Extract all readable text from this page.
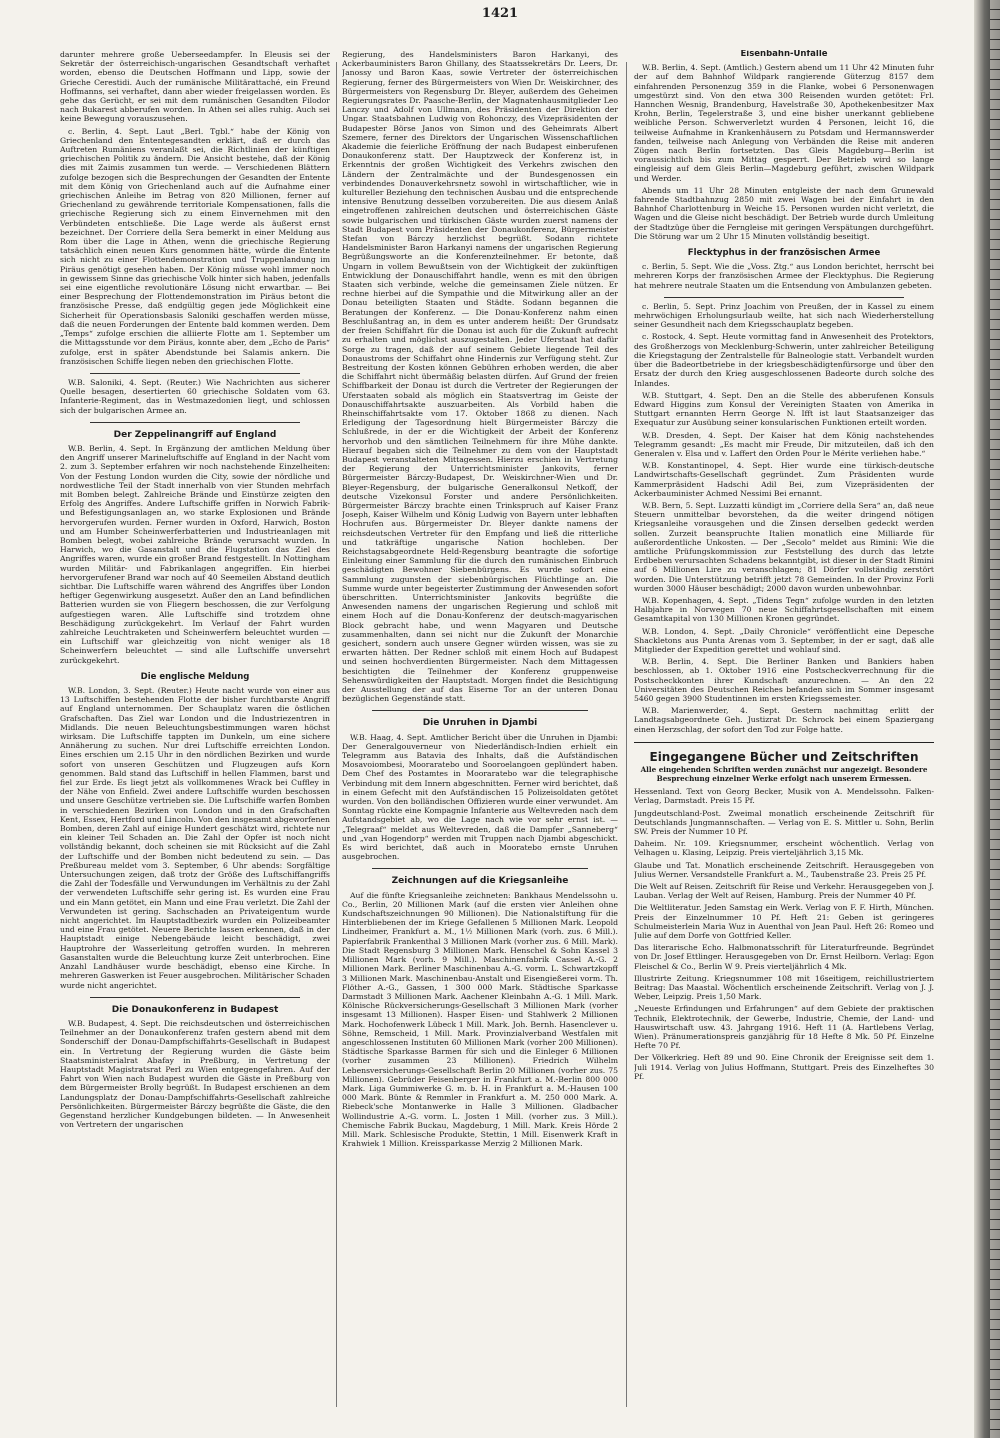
1421

darunter mehrere große Ueberseedampfer. In Eleusis sei der Sekretär der österreichisch-ungarischen Gesandtschaft verhaftet worden, ebenso die Deutschen Hoffmann und Lipp, sowie der Grieche Cerestidi. Auch der rumänische Militärattaché, ein Freund Hoffmanns, sei verhaftet, dann aber wieder freigelassen worden. Es gehe das Gerücht, er sei mit dem rumänischen Gesandten Filodor nach Bukarest abberufen worden. In Athen sei alles ruhig. Auch sei keine Bewegung vorauszusehen.

c. Berlin, 4. Sept. Laut „Berl. Tgbl.“ habe der König von Griechenland den Ententegesandten erklärt, daß er durch das Auftreten Rumäniens veranlaßt sei, die Richtlinien der künftigen griechischen Politik zu ändern. Die Ansicht bestehe, daß der König dies mit Zaimis zusammen tun werde. — Verschiedenen Blättern zufolge bezogen sich die Besprechungen der Gesandten der Entente mit dem König von Griechenland auch auf die Aufnahme einer griechischen Anleihe im Betrag von 820 Millionen, ferner auf Griechenland zu gewährende territoriale Kompensationen, falls die griechische Regierung sich zu einem Einvernehmen mit den Verbündeten entschließe. Die Lage werde als äußerst ernst bezeichnet. Der Corriere della Sera bemerkt in einer Meldung aus Rom über die Lage in Athen, wenn die griechische Regierung tatsächlich einen neuen Kurs genommen hätte, würde die Entente sich nicht zu einer Flottendemonstration und Truppenlandung im Piräus genötigt gesehen haben. Der König müsse wohl immer noch in gewissem Sinne das griechische Volk hinter sich haben, jedenfalls sei eine eigentliche revolutionäre Lösung nicht erwartbar. — Bei einer Besprechung der Flottendemonstration im Piräus betont die französische Presse, daß endgültig gegen jede Möglichkeit eine Sicherheit für Operationsbasis Saloniki geschaffen werden müsse, daß die neuen Forderungen der Entente bald kommen werden. Dem „Temps“ zufolge erschien die alliierte Flotte am 1. September um die Mittagsstunde vor dem Piräus, konnte aber, dem „Echo de Paris“ zufolge, erst in später Abendstunde bei Salamis ankern. Die französischen Schiffe liegen neben den griechischen Flotte.

W.B. Saloniki, 4. Sept. (Reuter.) Wie Nachrichten aus sicherer Quelle besagen, desertierten 60 griechische Soldaten vom 63. Infanterie-Regiment, das in Westmazedonien liegt, und schlossen sich der bulgarischen Armee an.

Der Zeppelinangriff auf England

W.B. Berlin, 4. Sept. In Ergänzung der amtlichen Meldung über den Angriff unserer Marineluftschiffe auf England in der Nacht vom 2. zum 3. September erfahren wir noch nachstehende Einzelheiten: Von der Festung London wurden die City, sowie der nördliche und nordwestliche Teil der Stadt innerhalb von vier Stunden mehrfach mit Bomben belegt. Zahlreiche Brände und Einstürze zeigten den Erfolg des Angriffes. Andere Luftschiffe griffen in Norwich Fabrik- und Befestigungsanlagen an, wo starke Explosionen und Brände hervorgerufen wurden. Ferner wurden in Oxford, Harwich, Boston und am Humber Scheinwerferbatterien und Industrieanlagen mit Bomben belegt, wobei zahlreiche Brände verursacht wurden. In Harwich, wo die Gasanstalt und die Flugstation das Ziel des Angriffes waren, wurde ein großer Brand festgestellt. In Nottingham wurden Militär- und Fabrikanlagen angegriffen. Ein hierbei hervorgerufener Brand war noch auf 40 Seemeilen Abstand deutlich sichtbar. Die Luftschiffe waren während des Angriffes über London heftiger Gegenwirkung ausgesetzt. Außer den an Land befindlichen Batterien wurden sie von Fliegern beschossen, die zur Verfolgung aufgestiegen waren. Alle Luftschiffe sind trotzdem ohne Beschädigung zurückgekehrt. Im Verlauf der Fahrt wurden zahlreiche Leuchtraketen und Scheinwerfern beleuchtet wurden — ein Luftschiff war gleichzeitig von nicht weniger als 18 Scheinwerfern beleuchtet — sind alle Luftschiffe unversehrt zurückgekehrt.

Die englische Meldung

W.B. London, 3. Sept. (Reuter.) Heute nacht wurde von einer aus 13 Luftschiffen bestehenden Flotte der bisher furchtbarste Angriff auf England unternommen. Der Schauplatz waren die östlichen Grafschaften. Das Ziel war London und die Industriezentren in Midlands. Die neuen Beleuchtungsbestimmungen waren höchst wirksam. Die Luftschiffe tappten im Dunkeln, um eine sichere Annäherung zu suchen. Nur drei Luftschiffe erreichten London. Eines erschien um 2.15 Uhr in den nördlichen Bezirken und wurde sofort von unseren Geschützen und Flugzeugen aufs Korn genommen. Bald stand das Luftschiff in hellen Flammen, barst und fiel zur Erde. Es liegt jetzt als vollkommenes Wrack bei Cuffley in der Nähe von Enfield. Zwei andere Luftschiffe wurden beschossen und unsere Geschütze vertrieben sie. Die Luftschiffe warfen Bomben in verschiedenen Bezirken von London und in den Grafschaften Kent, Essex, Hertford und Lincoln. Von den insgesamt abgeworfenen Bomben, deren Zahl auf einige Hundert geschätzt wird, richtete nur ein kleiner Teil Schaden an. Die Zahl der Opfer ist noch nicht vollständig bekannt, doch scheinen sie mit Rücksicht auf die Zahl der Luftschiffe und der Bomben nicht bedeutend zu sein. — Das Preßbureau meldet vom 3. September, 6 Uhr abends: Sorgfältige Untersuchungen zeigen, daß trotz der Größe des Luftschiffangriffs die Zahl der Todesfälle und Verwundungen im Verhältnis zu der Zahl der verwendeten Luftschiffe sehr gering ist. Es wurden eine Frau und ein Mann getötet, ein Mann und eine Frau verletzt. Die Zahl der Verwundeten ist gering. Sachschaden an Privateigentum wurde nicht angerichtet. Im Hauptstadtbezirk wurden ein Polizeibeamter und eine Frau getötet. Neuere Berichte lassen erkennen, daß in der Hauptstadt einige Nebengebäude leicht beschädigt, zwei Hauptrohre der Wasserleitung getroffen wurden. In mehreren Gasanstalten wurde die Beleuchtung kurze Zeit unterbrochen. Eine Anzahl Landhäuser wurde beschädigt, ebenso eine Kirche. In mehreren Gaswerken ist Feuer ausgebrochen. Militärischer Schaden wurde nicht angerichtet.

Die Donaukonferenz in Budapest

W.B. Budapest, 4. Sept. Die reichsdeutschen und österreichischen Teilnehmer an der Donaukonferenz trafen gestern abend mit dem Sonderschiff der Donau-Dampfschiffahrts-Gesellschaft in Budapest ein. In Vertretung der Regierung wurden die Gäste beim Staatsministerialrat Abafay in Preßburg, in Vertretung der Hauptstadt Magistratsrat Perl zu Wien entgegengefahren. Auf der Fahrt von Wien nach Budapest wurden die Gäste in Preßburg von dem Bürgermeister Brolly begrüßt. In Budapest erschienen an dem Landungsplatz der Donau-Dampfschiffahrts-Gesellschaft zahlreiche Persönlichkeiten. Bürgermeister Bárczy begrüßte die Gäste, die den Gegenstand herzlicher Kundgebungen bildeten. — In Anwesenheit von Vertretern der ungarischen

Regierung, des Handelsministers Baron Harkanyi, des Ackerbauministers Baron Ghillany, des Staatssekretärs Dr. Leers, Dr. Janossy und Baron Kaas, sowie Vertreter der österreichischen Regierung, ferner des Bürgermeisters von Wien Dr. Weiskirchner, des Bürgermeisters von Regensburg Dr. Bleyer, außerdem des Geheimen Regierungsrates Dr. Paasche-Berlin, der Magnatenhausmitglieder Leo Lanczy und Adolf von Ullmann, des Präsidenten der Direktion der Ungar. Staatsbahnen Ludwig von Rohonczy, des Vizepräsidenten der Budapester Börse Janos von Simon und des Geheimrats Albert Szemere, ferner des Direktors der Ungarischen Wissenschaftlichen Akademie die feierliche Eröffnung der nach Budapest einberufenen Donaukonferenz statt. Der Hauptzweck der Konferenz ist, in Erkenntnis der großen Wichtigkeit des Verkehrs zwischen den Ländern der Zentralmächte und der Bundesgenossen ein verbindendes Donauverkehrsnetz sowohl in wirtschaftlicher, wie in kultureller Beziehung den technischen Ausbau und die entsprechende intensive Benutzung desselben vorzubereiten. Die aus diesem Anlaß eingetroffenen zahlreichen deutschen und österreichischen Gäste sowie bulgarischen und türkischen Gäste wurden zuerst namens der Stadt Budapest vom Präsidenten der Donaukonferenz, Bürgermeister Stefan von Bárczy herzlichst begrüßt. Sodann richtete Handelsminister Baron Harkanyi namens der ungarischen Regierung Begrüßungsworte an die Konferenzteilnehmer. Er betonte, daß Ungarn in vollem Bewußtsein von der Wichtigkeit der zukünftigen Entwicklung der Donauschiffahrt handle, wenn es mit den übrigen Staaten sich verbinde, welche die gemeinsamen Ziele nützen. Er rechne hierbei auf die Sympathie und die Mitwirkung aller an der Donau beteiligten Staaten und Städte. Sodann begannen die Beratungen der Konferenz. — Die Donau-Konferenz nahm einen Beschlußantrag an, in dem es unter anderem heißt: Der Grundsatz der freien Schiffahrt für die Donau ist auch für die Zukunft aufrecht zu erhalten und möglichst auszugestalten. Jeder Uferstaat hat dafür Sorge zu tragen, daß der auf seinem Gebiete liegende Teil des Donaustroms der Schiffahrt ohne Hindernis zur Verfügung steht. Zur Bestreitung der Kosten können Gebühren erhoben werden, die aber die Schiffahrt nicht übermäßig belasten dürfen. Auf Grund der freien Schiffbarkeit der Donau ist durch die Vertreter der Regierungen der Uferstaaten sobald als möglich ein Staatsvertrag im Geiste der Donauschiffahrtsakte auszuarbeiten. Als Vorbild haben die Rheinschiffahrtsakte vom 17. Oktober 1868 zu dienen. Nach Erledigung der Tagesordnung hielt Bürgermeister Bárczy die Schlußrede, in der er die Wichtigkeit der Arbeit der Konferenz hervorhob und den sämtlichen Teilnehmern für ihre Mühe dankte. Hierauf begaben sich die Teilnehmer zu dem von der Hauptstadt Budapest veranstalteten Mittagessen. Hierzu erschien in Vertretung der Regierung der Unterrichtsminister Jankovits, ferner Bürgermeister Bárczy-Budapest, Dr. Weiskirchner-Wien und Dr. Bleyer-Regensburg, der bulgarische Generalkonsul Netkoff, der deutsche Vizekonsul Forster und andere Persönlichkeiten. Bürgermeister Bárczy brachte einen Trinkspruch auf Kaiser Franz Joseph, Kaiser Wilhelm und König Ludwig von Bayern unter lebhaften Hochrufen aus. Bürgermeister Dr. Bleyer dankte namens der reichsdeutschen Vertreter für den Empfang und ließ die ritterliche und tatkräftige ungarische Nation hochleben. Der Reichstagsabgeordnete Held-Regensburg beantragte die sofortige Einleitung einer Sammlung für die durch den rumänischen Einbruch geschädigten Bewohner Siebenbürgens. Es wurde sofort eine Sammlung zugunsten der siebenbürgischen Flüchtlinge an. Die Summe wurde unter begeisterter Zustimmung der Anwesenden sofort überschritten. Unterrichtsminister Jankovits begrüßte die Anwesenden namens der ungarischen Regierung und schloß mit einem Hoch auf die Donau-Konferenz der deutsch-magyarischen Block gebracht habe, und wenn Magyaren und Deutsche zusammenhalten, dann sei nicht nur die Zukunft der Monarchie gesichert, sondern auch unsere Gegner würden wissen, was sie zu erwarten hätten. Der Redner schloß mit einem Hoch auf Budapest und seinen hochverdienten Bürgermeister. Nach dem Mittagessen besichtigten die Teilnehmer der Konferenz gruppenweise Sehenswürdigkeiten der Hauptstadt. Morgen findet die Besichtigung der Ausstellung der auf das Eiserne Tor an der unteren Donau bezüglichen Gegenstände statt.

Die Unruhen in Djambi

W.B. Haag, 4. Sept. Amtlicher Bericht über die Unruhen in Djambi: Der Generalgouverneur von Niederländisch-Indien erhielt ein Telegramm aus Batavia des Inhalts, daß die Aufständischen Mosavoiombesi, Mooraratebo und Sooroelangoen geplündert haben. Dem Chef des Postamtes in Mooraratebo war die telegraphische Verbindung mit dem Innern abgeschnitten. Ferner wird berichtet, daß in einem Gefecht mit den Aufständischen 15 Polizeisoldaten getötet wurden. Von den bolländischen Offizieren wurde einer verwundet. Am Sonntag rückte eine Kompagnie Infanterie aus Weltevreden nach dem Aufstandsgebiet ab, wo die Lage nach wie vor sehr ernst ist. — „Telegraaf“ meldet aus Weltevreden, daß die Dampfer „Sanneberg“ und „van Hogendorp“ werden mit Truppen nach Djambi abgeschickt. Es wird berichtet, daß auch in Mooratebo ernste Unruhen ausgebrochen.

Zeichnungen auf die Kriegsanleihe

Auf die fünfte Kriegsanleihe zeichneten: Bankhaus Mendelssohn u. Co., Berlin, 20 Millionen Mark (auf die ersten vier Anleihen ohne Kundschaftszeichnungen 90 Millionen). Die Nationalstiftung für die Hinterbliebenen der im Kriege Gefallenen 5 Millionen Mark. Leopold Lindheimer, Frankfurt a. M., 1½ Millionen Mark (vorh. zus. 6 Mill.). Papierfabrik Frankenthal 3 Millionen Mark (vorher zus. 6 Mill. Mark). Die Stadt Regensburg 3 Millionen Mark. Henschel & Sohn Kassel 3 Millionen Mark (vorh. 9 Mill.). Maschinenfabrik Cassel A.-G. 2 Millionen Mark. Berliner Maschinenbau A.-G. vorm. L. Schwartzkopff 3 Millionen Mark. Maschinenbau-Anstalt und Eisengießerei vorm. Th. Flöther A.-G., Gassen, 1 300 000 Mark. Städtische Sparkasse Darmstadt 3 Millionen Mark. Aachener Kleinbahn A.-G. 1 Mill. Mark. Kölnische Rückversicherungs-Gesellschaft 3 Millionen Mark (vorher insgesamt 13 Millionen). Hasper Eisen- und Stahlwerk 2 Millionen Mark. Hochofenwerk Lübeck 1 Mill. Mark. Joh. Bernh. Hasenclever u. Söhne, Remscheid, 1 Mill. Mark. Provinzialverband Westfalen mit angeschlossenen Instituten 60 Millionen Mark (vorher 200 Millionen). Städtische Sparkasse Barmen für sich und die Einleger 6 Millionen (vorher zusammen 23 Millionen). Friedrich Wilhelm Lebensversicherungs-Gesellschaft Berlin 20 Millionen (vorher zus. 75 Millionen). Gebrüder Feisenberger in Frankfurt a. M.-Berlin 800 000 Mark. Liga Gummiwerke G. m. b. H. in Frankfurt a. M.-Hausen 100 000 Mark. Bünte & Remmler in Frankfurt a. M. 250 000 Mark. A. Riebeck'sche Montanwerke in Halle 3 Millionen. Gladbacher Wollindustrie A.-G. vorm. L. Josten 1 Mill. (vorher zus. 3 Mill.). Chemische Fabrik Buckau, Magdeburg, 1 Mill. Mark. Kreis Hörde 2 Mill. Mark. Schlesische Produkte, Stettin, 1 Mill. Eisenwerk Kraft in Krahwiek 1 Million. Kreissparkasse Merzig 2 Millionen Mark.

Eisenbahn-Unfälle

W.B. Berlin, 4. Sept. (Amtlich.) Gestern abend um 11 Uhr 42 Minuten fuhr der auf dem Bahnhof Wildpark rangierende Güterzug 8157 dem einfahrenden Personenzug 359 in die Flanke, wobei 6 Personenwagen umgestürzt sind. Von den etwa 300 Reisenden wurden getötet: Frl. Hannchen Wesnig, Brandenburg, Havelstraße 30, Apothekenbesitzer Max Krohn, Berlin, Tegelerstraße 3, und eine bisher unerkannt gebliebene weibliche Person. Schwerverletzt wurden 4 Personen, leicht 16, die teilweise Aufnahme in Krankenhäusern zu Potsdam und Hermannswerder fanden, teilweise nach Anlegung von Verbänden die Reise mit anderen Zügen nach Berlin fortsetzten. Das Gleis Magdeburg—Berlin ist voraussichtlich bis zum Mittag gesperrt. Der Betrieb wird so lange eingleisig auf dem Gleis Berlin—Magdeburg geführt, zwischen Wildpark und Werder.

Abends um 11 Uhr 28 Minuten entgleiste der nach dem Grunewald fahrende Stadtbahnzug 2850 mit zwei Wagen bei der Einfahrt in den Bahnhof Charlottenburg in Weiche 15. Personen wurden nicht verletzt, die Wagen und die Gleise nicht beschädigt. Der Betrieb wurde durch Umleitung der Stadtzüge über die Ferngleise mit geringen Verspätungen durchgeführt. Die Störung war um 2 Uhr 15 Minuten vollständig beseitigt.

Flecktyphus in der französischen Armee

c. Berlin, 5. Sept. Wie die „Voss. Ztg.“ aus London berichtet, herrscht bei mehreren Korps der französischen Armee der Flecktyphus. Die Regierung hat mehrere neutrale Staaten um die Entsendung von Ambulanzen gebeten.

c. Berlin, 5. Sept. Prinz Joachim von Preußen, der in Kassel zu einem mehrwöchigen Erholungsurlaub weilte, hat sich nach Wiederherstellung seiner Gesundheit nach dem Kriegsschauplatz begeben.

c. Rostock, 4. Sept. Heute vormittag fand in Anwesenheit des Protektors, des Großherzogs von Mecklenburg-Schwerin, unter zahlreicher Beteiligung die Kriegstagung der Zentralstelle für Balneologie statt. Verbandelt wurden über die Badeortbetriebe in der kriegsbeschädigtenfürsorge und über den Ersatz der durch den Krieg ausgeschlossenen Badeorte durch solche des Inlandes.

W.B. Stuttgart, 4. Sept. Den an die Stelle des abberufenen Konsuls Edward Higgins zum Konsul der Vereinigten Staaten von Amerika in Stuttgart ernannten Herrn George N. Ifft ist laut Staatsanzeiger das Exequatur zur Ausübung seiner konsularischen Funktionen erteilt worden.

W.B. Dresden, 4. Sept. Der Kaiser hat dem König nachstehendes Telegramm gesandt: „Es macht mir Freude, Dir mitzuteilen, daß ich den Generalen v. Elsa und v. Laffert den Orden Pour le Mérite verliehen habe.“

W.B. Konstantinopel, 4. Sept. Hier wurde eine türkisch-deutsche Landwirtschafts-Gesellschaft gegründet. Zum Präsidenten wurde Kammerpräsident Hadschi Adil Bei, zum Vizepräsidenten der Ackerbauminister Achmed Nessimi Bei ernannt.

W.B. Bern, 5. Sept. Luzzatti kündigt im „Corriere della Sera“ an, daß neue Steuern unmittelbar bevorstehen, da die weiter dringend nötigen Kriegsanleihe vorausgehen und die Zinsen derselben gedeckt werden sollen. Zurzeit beanspruchte Italien monatlich eine Milliarde für außerordentliche Unkosten. — Der „Secolo“ meldet aus Rimini: Wie die amtliche Prüfungskommission zur Feststellung des durch das letzte Erdbeben verursachten Schadens bekanntgibt, ist dieser in der Stadt Rimini auf 6 Millionen Lire zu veranschlagen; 81 Dörfer vollständig zerstört worden. Die Unterstützung betrifft jetzt 78 Gemeinden. In der Provinz Forli wurden 3000 Häuser beschädigt; 2000 davon wurden unbewohnbar.

W.B. Kopenhagen, 4. Sept. „Tidens Tegn“ zufolge wurden in den letzten Halbjahre in Norwegen 70 neue Schiffahrtsgesellschaften mit einem Gesamtkapital von 130 Millionen Kronen gegründet.

W.B. London, 4. Sept. „Daily Chronicle“ veröffentlicht eine Depesche Shackletons aus Punta Arenas vom 3. September, in der er sagt, daß alle Mitglieder der Expedition gerettet und wohlauf sind.

W.B. Berlin, 4. Sept. Die Berliner Banken und Bankiers haben beschlossen, ab 1. Oktober 1916 eine Postscheckverrechnung für die Postscheckkonten ihrer Kundschaft anzurechnen. — An den 22 Universitäten des Deutschen Reiches befanden sich im Sommer insgesamt 5460 gegen 3900 Studentinnen im ersten Kriegssemester.

W.B. Marienwerder, 4. Sept. Gestern nachmittag erlitt der Landtagsabgeordnete Geh. Justizrat Dr. Schrock bei einem Spaziergang einen Herzschlag, der sofort den Tod zur Folge hatte.

Eingegangene Bücher und Zeitschriften
Alle eingehenden Schriften werden zunächst nur angezeigt. Besondere Besprechung einzelner Werke erfolgt nach unserem Ermessen.

Hessenland. Text von Georg Becker, Musik von A. Mendelssohn. Falken-Verlag, Darmstadt. Preis 15 Pf.

Jungdeutschland-Post. Zweimal monatlich erscheinende Zeitschrift für Deutschlands Jungmannschaften. — Verlag von E. S. Mittler u. Sohn, Berlin SW. Preis der Nummer 10 Pf.

Daheim. Nr. 109. Kriegsnummer, erscheint wöchentlich. Verlag von Velhagen u. Klasing, Leipzig. Preis vierteljährlich 3,15 Mk.

Glaube und Tat. Monatlich erscheinende Zeitschrift. Herausgegeben von Julius Werner. Versandstelle Frankfurt a. M., Taubenstraße 23. Preis 25 Pf.

Die Welt auf Reisen. Zeitschrift für Reise und Verkehr. Herausgegeben von J. Lauban. Verlag der Welt auf Reisen, Hamburg. Preis der Nummer 40 Pf.

Die Weltliteratur. Jeden Samstag ein Werk. Verlag von F. F. Hirth, München. Preis der Einzelnummer 10 Pf. Heft 21: Geben ist geringeres Schulmeisterlein Maria Wuz in Auenthal von Jean Paul. Heft 26: Romeo und Julie auf dem Dorfe von Gottfried Keller.

Das literarische Echo. Halbmonatsschrift für Literaturfreunde. Begründet von Dr. Josef Ettlinger. Herausgegeben von Dr. Ernst Heilborn. Verlag: Egon Fleischel & Co., Berlin W 9. Preis vierteljährlich 4 Mk.

Illustrirte Zeitung. Kriegsnummer 108 mit 16seitigem, reichillustriertem Beitrag: Das Maastal. Wöchentlich erscheinende Zeitschrift. Verlag von J. J. Weber, Leipzig. Preis 1,50 Mark.

„Neueste Erfindungen und Erfahrungen“ auf dem Gebiete der praktischen Technik, Elektrotechnik, der Gewerbe, Industrie, Chemie, der Land- und Hauswirtschaft usw. 43. Jahrgang 1916. Heft 11 (A. Hartlebens Verlag, Wien). Pränumerationspreis ganzjährig für 18 Hefte 8 Mk. 50 Pf. Einzelne Hefte 70 Pf.

Der Völkerkrieg. Heft 89 und 90. Eine Chronik der Ereignisse seit dem 1. Juli 1914. Verlag von Julius Hoffmann, Stuttgart. Preis des Einzelheftes 30 Pf.
